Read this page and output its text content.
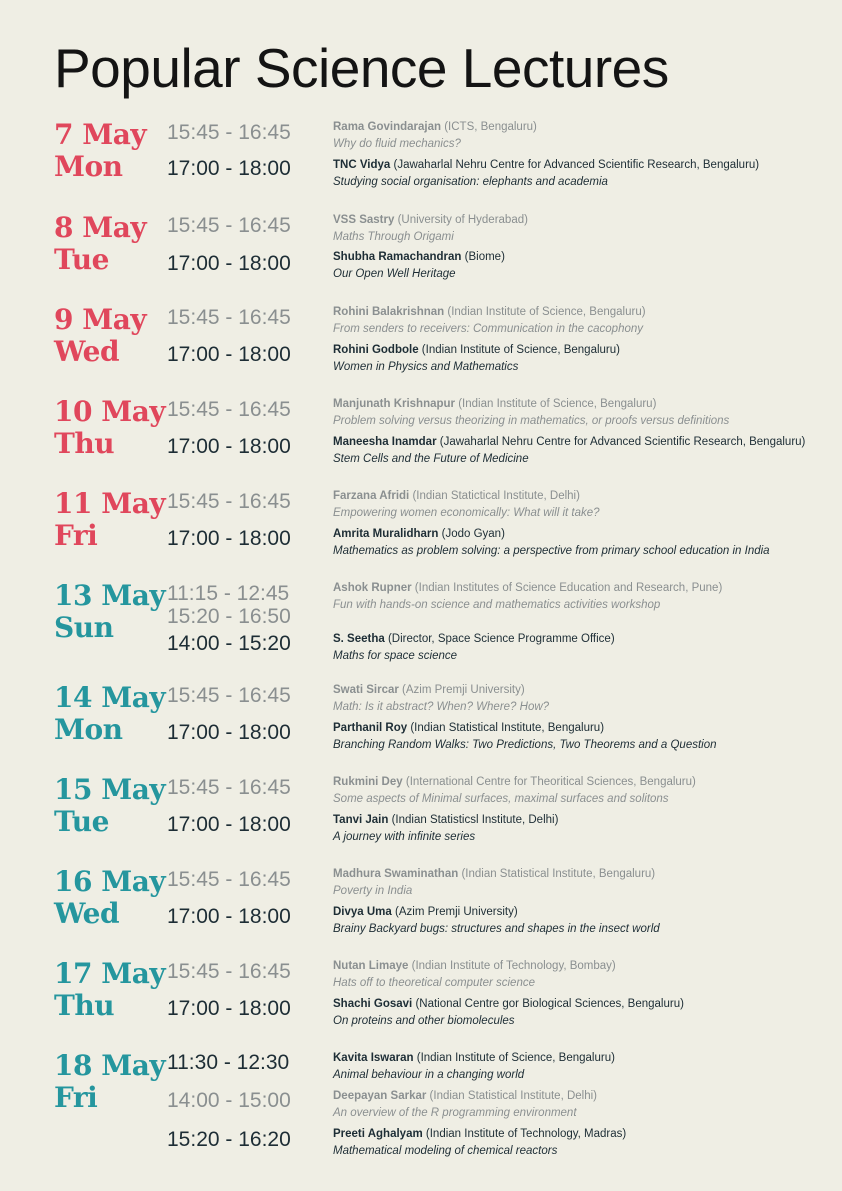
Popular Science Lectures
7 May
Mon
15:45 - 16:45	Rama Govindarajan (ICTS, Bengaluru)
Why do fluid mechanics?
17:00 - 18:00	TNC Vidya (Jawaharlal Nehru Centre for Advanced Scientific Research, Bengaluru)
Studying social organisation: elephants and academia
8 May
Tue
15:45 - 16:45	VSS Sastry (University of Hyderabad)
Maths Through Origami
17:00 - 18:00	Shubha Ramachandran (Biome)
Our Open Well Heritage
9 May
Wed
15:45 - 16:45	Rohini Balakrishnan (Indian Institute of Science, Bengaluru)
From senders to receivers: Communication in the cacophony
17:00 - 18:00	Rohini Godbole (Indian Institute of Science, Bengaluru)
Women in Physics and Mathematics
10 May
Thu
15:45 - 16:45	Manjunath Krishnapur (Indian Institute of Science, Bengaluru)
Problem solving versus theorizing in mathematics, or proofs versus definitions
17:00 - 18:00	Maneesha Inamdar (Jawaharlal Nehru Centre for Advanced Scientific Research, Bengaluru)
Stem Cells and the Future of Medicine
11 May
Fri
15:45 - 16:45	Farzana Afridi (Indian Statictical Institute, Delhi)
Empowering women economically: What will it take?
17:00 - 18:00	Amrita Muralidharn (Jodo Gyan)
Mathematics as problem solving: a perspective from primary school education in India
13 May
Sun
11:15 - 12:45
15:20 - 16:50
Ashok Rupner (Indian Institutes of Science Education and Research, Pune)
Fun with hands-on science and mathematics activities workshop
14:00 - 15:20	S. Seetha (Director, Space Science Programme Office)
Maths for space science
14 May
Mon
15:45 - 16:45	Swati Sircar (Azim Premji University)
Math: Is it abstract? When? Where? How?
17:00 - 18:00	Parthanil Roy (Indian Statistical Institute, Bengaluru)
Branching Random Walks: Two Predictions, Two Theorems and a Question
15 May
Tue
15:45 - 16:45	Rukmini Dey (International Centre for Theoritical Sciences, Bengaluru)
Some aspects of Minimal surfaces, maximal surfaces and solitons
17:00 - 18:00	Tanvi Jain (Indian Statisticsl Institute, Delhi)
A journey with infinite series
16 May
Wed
15:45 - 16:45	Madhura Swaminathan (Indian Statistical Institute, Bengaluru)
Poverty in India
17:00 - 18:00	Divya Uma (Azim Premji University)
Brainy Backyard bugs: structures and shapes in the insect world
17 May
Thu
15:45 - 16:45	Nutan Limaye (Indian Institute of Technology, Bombay)
Hats off to theoretical computer science
17:00 - 18:00	Shachi Gosavi (National Centre gor Biological Sciences, Bengaluru)
On proteins and other biomolecules
18 May
Fri
11:30 - 12:30	Kavita Iswaran (Indian Institute of Science, Bengaluru)
Animal behaviour in a changing world
14:00 - 15:00	Deepayan Sarkar (Indian Statistical Institute, Delhi)
An overview of the R programming environment
15:20 - 16:20	Preeti Aghalyam (Indian Institute of Technology, Madras)
Mathematical modeling of chemical reactors
